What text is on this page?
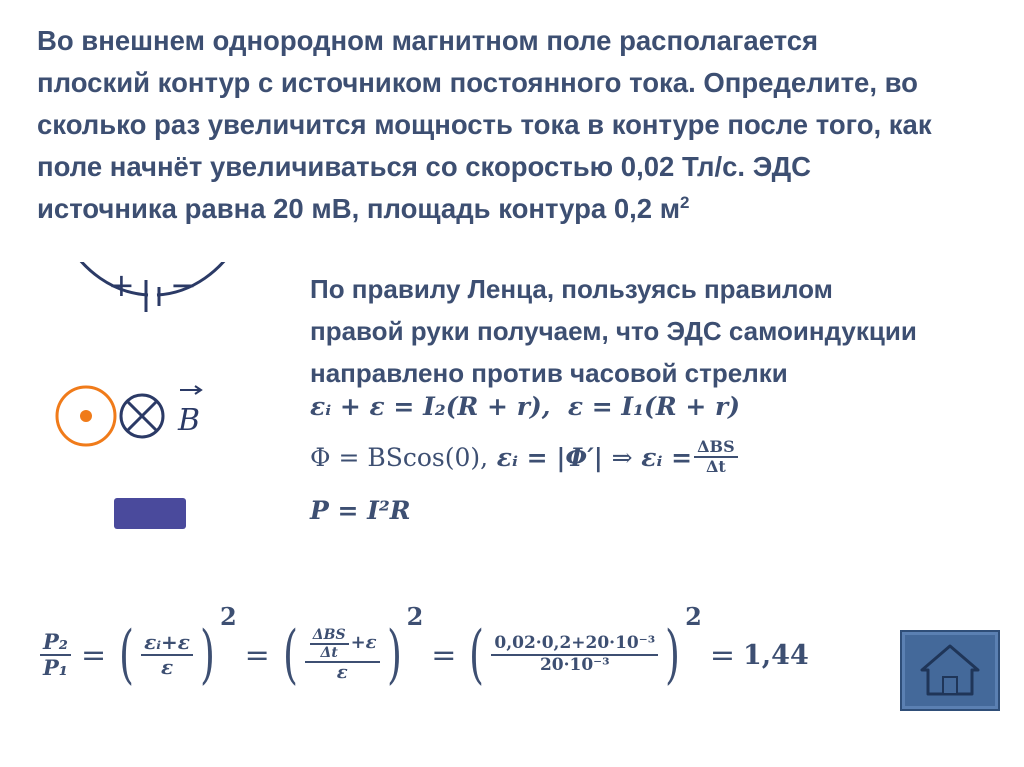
Во внешнем однородном магнитном поле располагается
плоский контур с источником постоянного тока. Определите, во
сколько раз увеличится мощность тока в контуре после того, как
поле начнёт увеличиваться со скоростью 0,02 Тл/с. ЭДС
источника равна 20 мВ, площадь контура 0,2 $м^2$
+ −
B
По правилу Ленца, пользуясь правилом
правой руки получаем, что ЭДС самоиндукции
направлено против часовой стрелки
εᵢ + ε = I₂(R + r), ε = I₁(R + r)
Φ = BScos(0),
εᵢ = |Φ′|
⇒
εᵢ = $\frac{\text{ΔBS}}{\Delta t}$
P = I²R
$\frac{\text{P₂}}{\text{P₁}}$ = ( $\frac{\text{εᵢ+ε}}{\varepsilon}$ )
2
= ( $\frac{\frac{\text{ΔBS}}{\Delta t} +\varepsilon}{\varepsilon}$ )
2
= ( $\frac{\text{0,02·0,2+20·10⁻³}}{\text{20·10⁻³}}$ )
2
= 1,44
